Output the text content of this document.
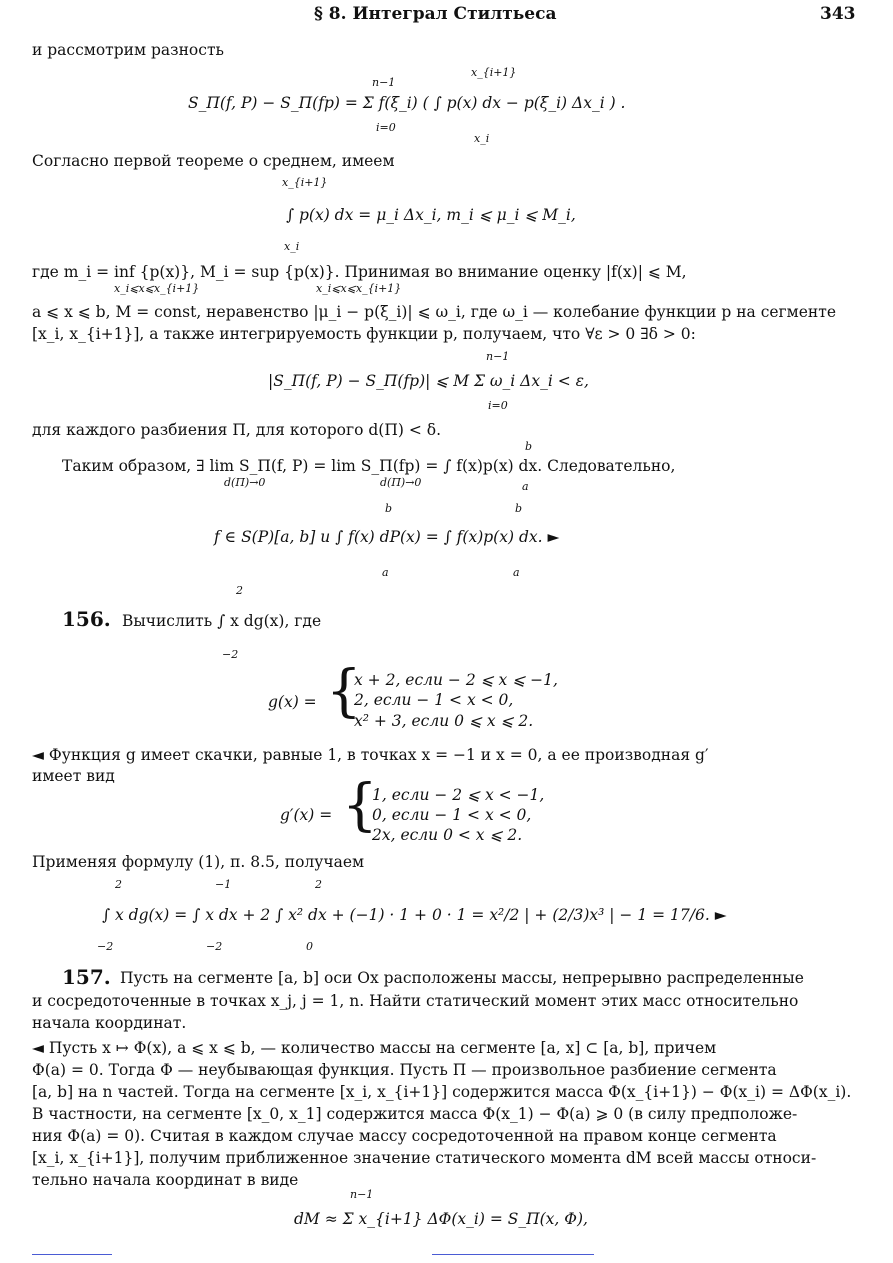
§ 8. Интеграл Стилтьеса	343
и рассмотрим разность
n−1
i=0
x_{i+1}
x_i
S_П(f, P) − S_П(fp) = Σ f(ξ_i) ( ∫ p(x) dx − p(ξ_i) Δx_i ) .
Согласно первой теореме о среднем, имеем
x_{i+1}
x_i
∫ p(x) dx = μ_i Δx_i, m_i ⩽ μ_i ⩽ M_i,
где m_i = inf {p(x)}, M_i = sup {p(x)}. Принимая во внимание оценку |f(x)| ⩽ M,
x_i⩽x⩽x_{i+1}	x_i⩽x⩽x_{i+1}
a ⩽ x ⩽ b, M = const, неравенство |μ_i − p(ξ_i)| ⩽ ω_i, где ω_i — колебание функции p на сегменте
[x_i, x_{i+1}], а также интегрируемость функции p, получаем, что ∀ε > 0 ∃δ > 0:
n−1
i=0
|S_П(f, P) − S_П(fp)| ⩽ M Σ ω_i Δx_i < ε,
для каждого разбиения П, для которого d(П) < δ.
b
Таким образом, ∃ lim S_П(f, P) = lim S_П(fp) = ∫ f(x)p(x) dx. Следовательно,
d(П)→0	d(П)→0	a
b	b
a	a
f ∈ S(P)[a, b] и ∫ f(x) dP(x) = ∫ f(x)p(x) dx. ►
2
156. Вычислить ∫ x dg(x), где
−2
g(x) = {
x + 2, если − 2 ⩽ x ⩽ −1,
2, если − 1 < x < 0,
x² + 3, если 0 ⩽ x ⩽ 2.
◄ Функция g имеет скачки, равные 1, в точках x = −1 и x = 0, а ее производная g′
имеет вид
g′(x) = {
1, если − 2 ⩽ x < −1,
0, если − 1 < x < 0,
2x, если 0 < x ⩽ 2.
Применяя формулу (1), п. 8.5, получаем
2	−1	2
∫ x dg(x) = ∫ x dx + 2 ∫ x² dx + (−1) · 1 + 0 · 1 = x²/2 | + (2/3)x³ | − 1 = 17/6. ►
−2	−2	0
157. Пусть на сегменте [a, b] оси Ox расположены массы, непрерывно распределенные
и сосредоточенные в точках x_j, j = 1, n. Найти статический момент этих масс относительно
начала координат.
◄ Пусть x ↦ Φ(x), a ⩽ x ⩽ b, — количество массы на сегменте [a, x] ⊂ [a, b], причем
Φ(a) = 0. Тогда Φ — неубывающая функция. Пусть П — произвольное разбиение сегмента
[a, b] на n частей. Тогда на сегменте [x_i, x_{i+1}] содержится масса Φ(x_{i+1}) − Φ(x_i) = ΔΦ(x_i).
В частности, на сегменте [x_0, x_1] содержится масса Φ(x_1) − Φ(a) ⩾ 0 (в силу предположе-
ния Φ(a) = 0). Считая в каждом случае массу сосредоточенной на правом конце сегмента
[x_i, x_{i+1}], получим приближенное значение статического момента dM всей массы относи-
тельно начала координат в виде
n−1
dM ≈ Σ x_{i+1} ΔΦ(x_i) = S_П(x, Φ),
